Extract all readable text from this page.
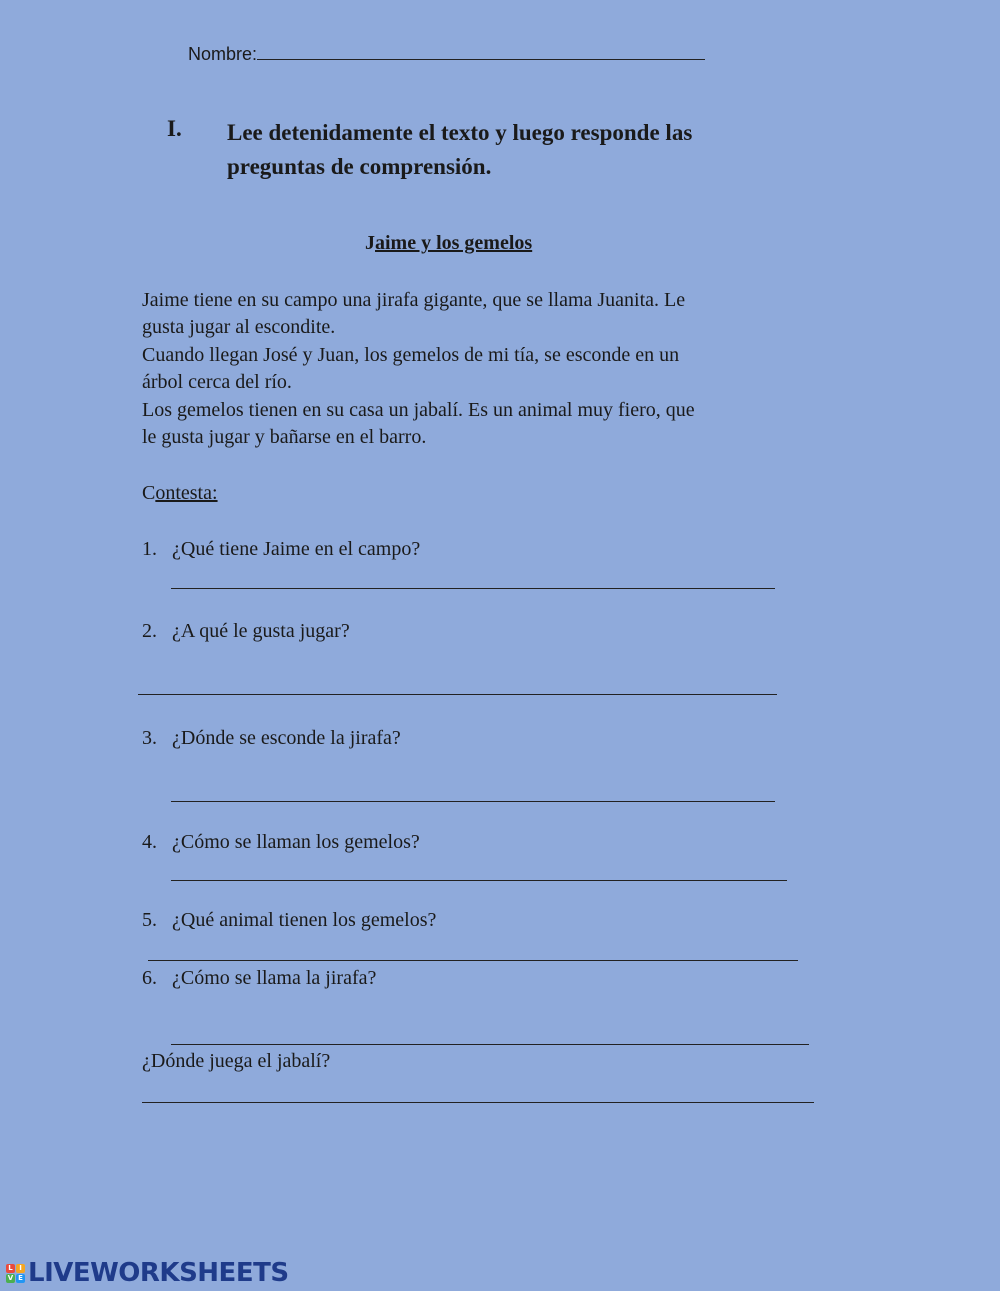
Nombre:
I. Lee detenidamente el texto y luego responde las preguntas de comprensión.
Jaime y los gemelos
Jaime tiene en su campo una jirafa gigante, que se llama Juanita. Le
gusta jugar al escondite.
Cuando llegan José y Juan, los gemelos de mi tía, se esconde en un
árbol cerca del río.
Los gemelos tienen en su casa un jabalí. Es un animal muy fiero, que
le gusta jugar y bañarse en el barro.
Contesta:
1. ¿Qué tiene Jaime en el campo?
2. ¿A qué le gusta jugar?
3. ¿Dónde se esconde la jirafa?
4. ¿Cómo se llaman los gemelos?
5. ¿Qué animal tienen los gemelos?
6. ¿Cómo se llama la jirafa?
¿Dónde juega el jabalí?
L I
V E LIVEWORKSHEETS
